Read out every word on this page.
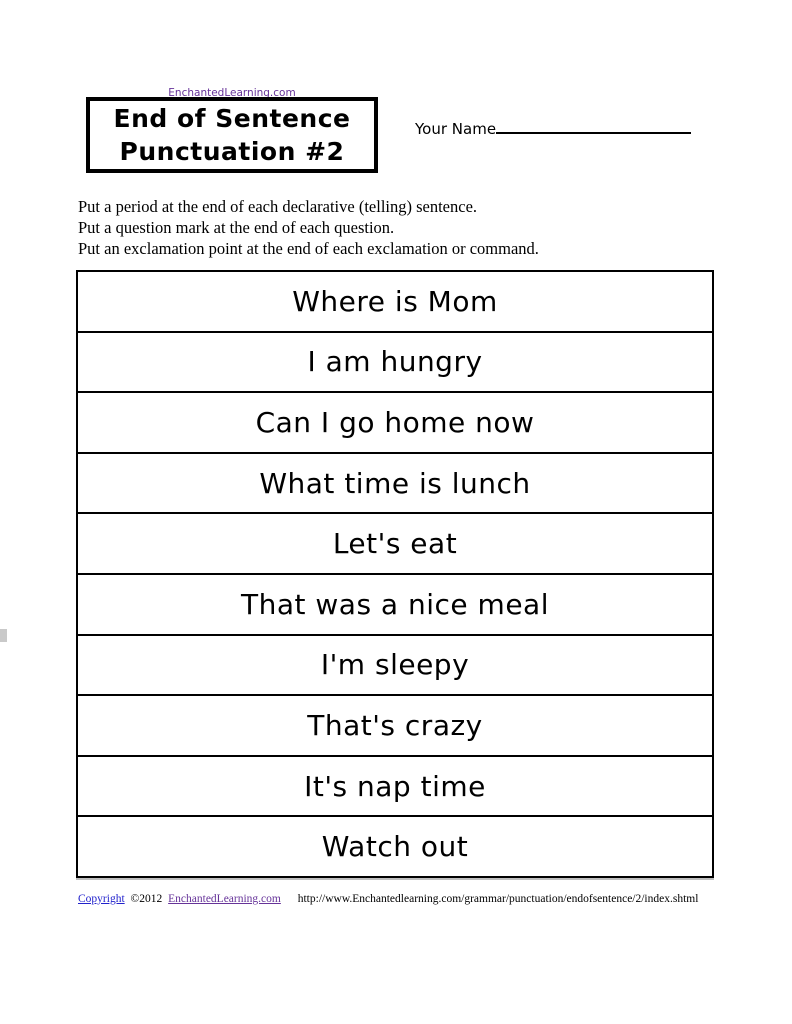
EnchantedLearning.com
End of Sentence
Punctuation #2
Your Name
Put a period at the end of each declarative (telling) sentence.
Put a question mark at the end of each question.
Put an exclamation point at the end of each exclamation or command.
Where is Mom
I am hungry
Can I go home now
What time is lunch
Let's eat
That was a nice meal
I'm sleepy
That's crazy
It's nap time
Watch out
Copyright ©2012 EnchantedLearning.com http://www.Enchantedlearning.com/grammar/punctuation/endofsentence/2/index.shtml
